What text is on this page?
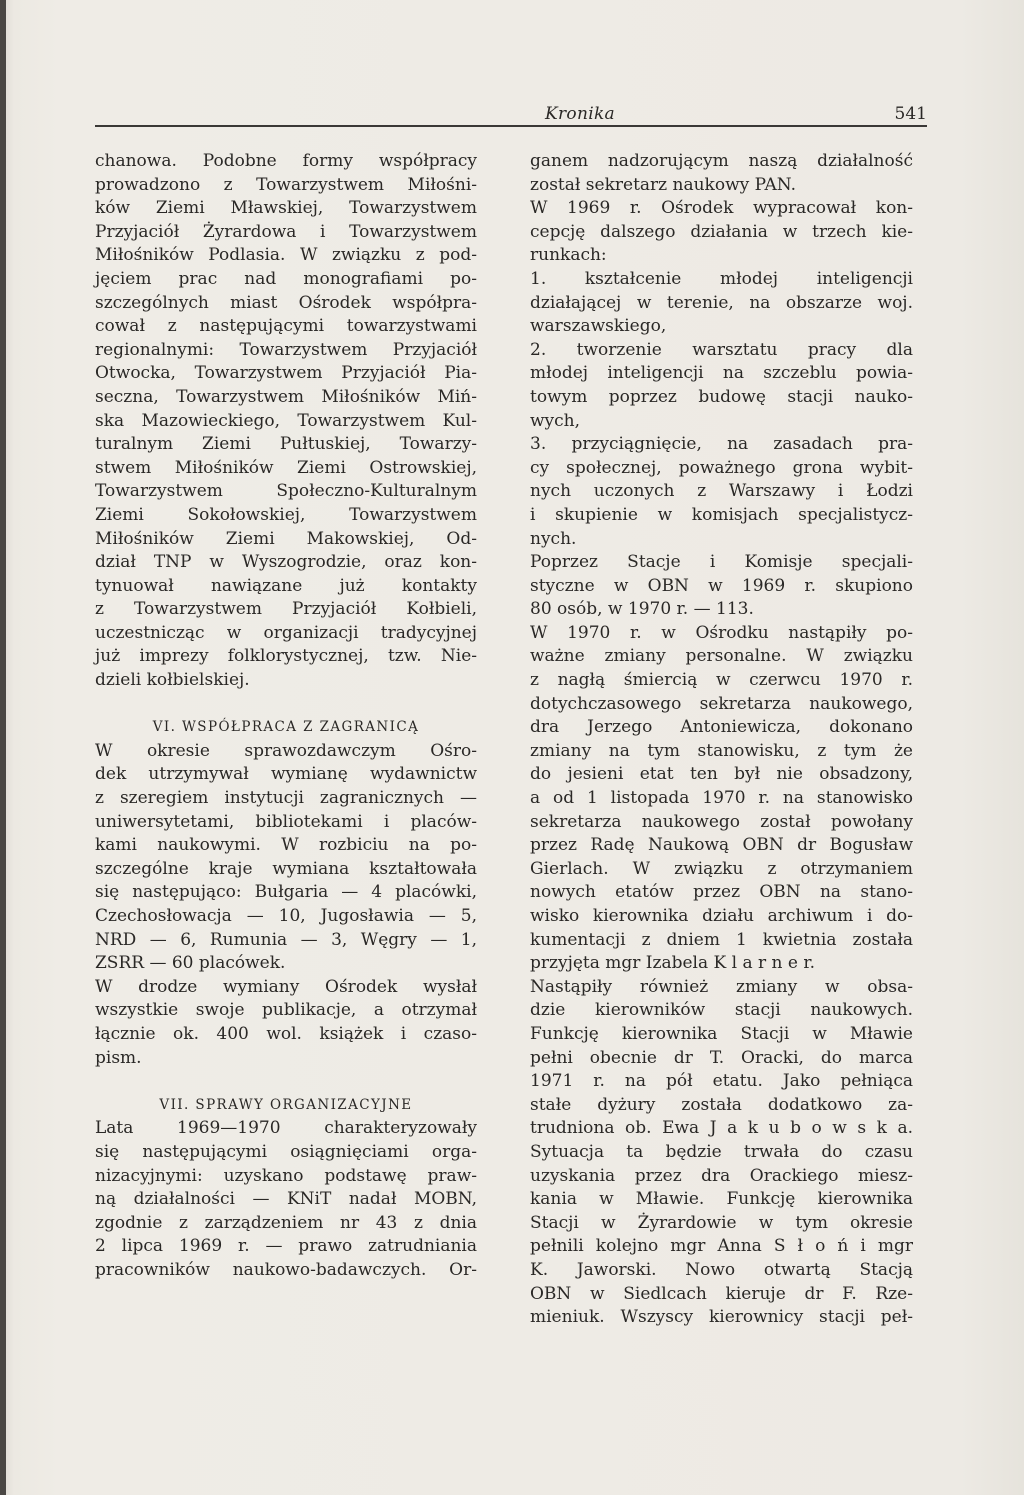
Kronika	541
chanowa. Podobne formy współpracy
prowadzono z Towarzystwem Miłośni-
ków Ziemi Mławskiej, Towarzystwem
Przyjaciół Żyrardowa i Towarzystwem
Miłośników Podlasia. W związku z pod-
jęciem prac nad monografiami po-
szczególnych miast Ośrodek współpra-
cował z następującymi towarzystwami
regionalnymi: Towarzystwem Przyjaciół
Otwocka, Towarzystwem Przyjaciół Pia-
seczna, Towarzystwem Miłośników Miń-
ska Mazowieckiego, Towarzystwem Kul-
turalnym Ziemi Pułtuskiej, Towarzy-
stwem Miłośników Ziemi Ostrowskiej,
Towarzystwem Społeczno-Kulturalnym
Ziemi Sokołowskiej, Towarzystwem
Miłośników Ziemi Makowskiej, Od-
dział TNP w Wyszogrodzie, oraz kon-
tynuował nawiązane już kontakty
z Towarzystwem Przyjaciół Kołbieli,
uczestnicząc w organizacji tradycyjnej
już imprezy folklorystycznej, tzw. Nie-
dzieli kołbielskiej.
VI. WSPÓŁPRACA Z ZAGRANICĄ
W okresie sprawozdawczym Ośro-
dek utrzymywał wymianę wydawnictw
z szeregiem instytucji zagranicznych —
uniwersytetami, bibliotekami i placów-
kami naukowymi. W rozbiciu na po-
szczególne kraje wymiana kształtowała
się następująco: Bułgaria — 4 placówki,
Czechosłowacja — 10, Jugosławia — 5,
NRD — 6, Rumunia — 3, Węgry — 1,
ZSRR — 60 placówek.
W drodze wymiany Ośrodek wysłał
wszystkie swoje publikacje, a otrzymał
łącznie ok. 400 wol. książek i czaso-
pism.
VII. SPRAWY ORGANIZACYJNE
Lata 1969—1970 charakteryzowały
się następującymi osiągnięciami orga-
nizacyjnymi: uzyskano podstawę praw-
ną działalności — KNiT nadał MOBN,
zgodnie z zarządzeniem nr 43 z dnia
2 lipca 1969 r. — prawo zatrudniania
pracowników naukowo-badawczych. Or-
ganem nadzorującym naszą działalność
został sekretarz naukowy PAN.
W 1969 r. Ośrodek wypracował kon-
cepcję dalszego działania w trzech kie-
runkach:
1. kształcenie młodej inteligencji
działającej w terenie, na obszarze woj.
warszawskiego,
2. tworzenie warsztatu pracy dla
młodej inteligencji na szczeblu powia-
towym poprzez budowę stacji nauko-
wych,
3. przyciągnięcie, na zasadach pra-
cy społecznej, poważnego grona wybit-
nych uczonych z Warszawy i Łodzi
i skupienie w komisjach specjalistycz-
nych.
Poprzez Stacje i Komisje specjali-
styczne w OBN w 1969 r. skupiono
80 osób, w 1970 r. — 113.
W 1970 r. w Ośrodku nastąpiły po-
ważne zmiany personalne. W związku
z nagłą śmiercią w czerwcu 1970 r.
dotychczasowego sekretarza naukowego,
dra Jerzego Antoniewicza, dokonano
zmiany na tym stanowisku, z tym że
do jesieni etat ten był nie obsadzony,
a od 1 listopada 1970 r. na stanowisko
sekretarza naukowego został powołany
przez Radę Naukową OBN dr Bogusław
Gierlach. W związku z otrzymaniem
nowych etatów przez OBN na stano-
wisko kierownika działu archiwum i do-
kumentacji z dniem 1 kwietnia została
przyjęta mgr Izabela K l a r n e r.
Nastąpiły również zmiany w obsa-
dzie kierowników stacji naukowych.
Funkcję kierownika Stacji w Mławie
pełni obecnie dr T. Oracki, do marca
1971 r. na pół etatu. Jako pełniąca
stałe dyżury została dodatkowo za-
trudniona ob. Ewa J a k u b o w s k a.
Sytuacja ta będzie trwała do czasu
uzyskania przez dra Orackiego miesz-
kania w Mławie. Funkcję kierownika
Stacji w Żyrardowie w tym okresie
pełnili kolejno mgr Anna S ł o ń i mgr
K. Jaworski. Nowo otwartą Stacją
OBN w Siedlcach kieruje dr F. Rze-
mieniuk. Wszyscy kierownicy stacji peł-
